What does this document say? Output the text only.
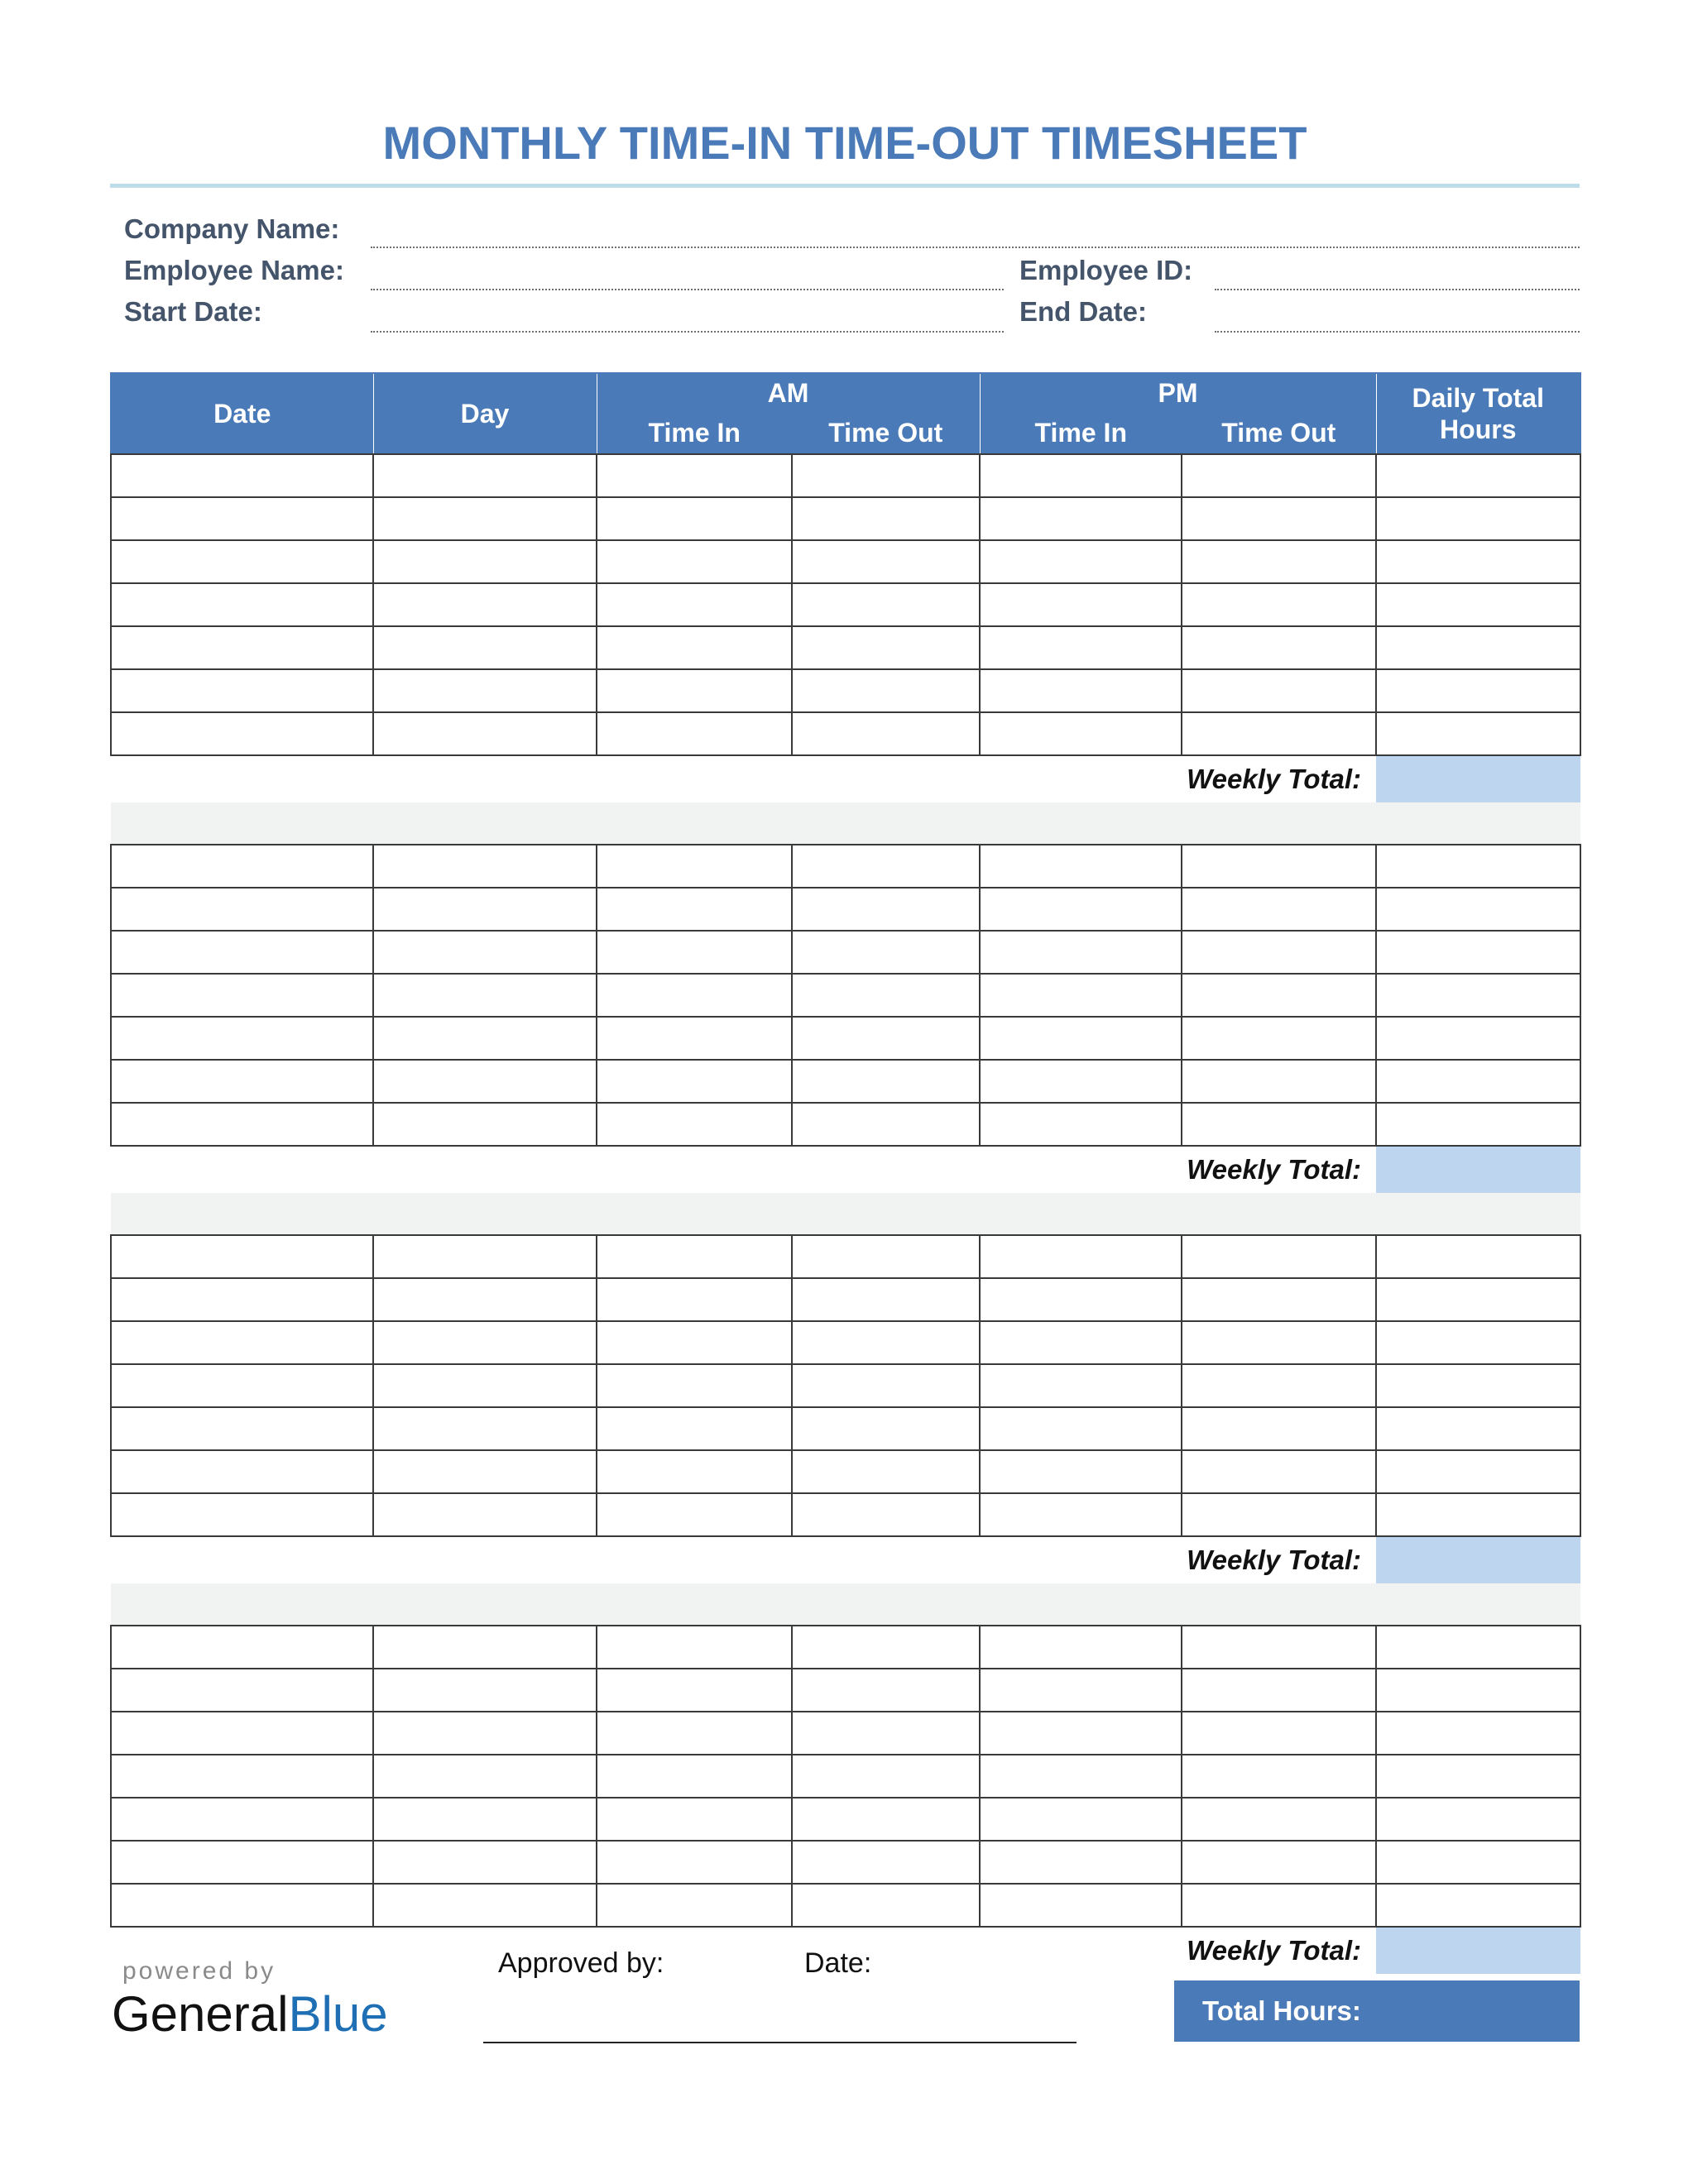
MONTHLY TIME-IN TIME-OUT TIMESHEET
Company Name:
Employee Name:	Employee ID:
Start Date:	End Date:
Date	Day	AM		PM		Daily Total
Hours

		Time In	Time Out	Time In	Time Out	

Weekly Total:						

Weekly Total:						

Weekly Total:						

Weekly Total:						
powered by
GeneralBlue
Approved by:	Date:
Total Hours:
